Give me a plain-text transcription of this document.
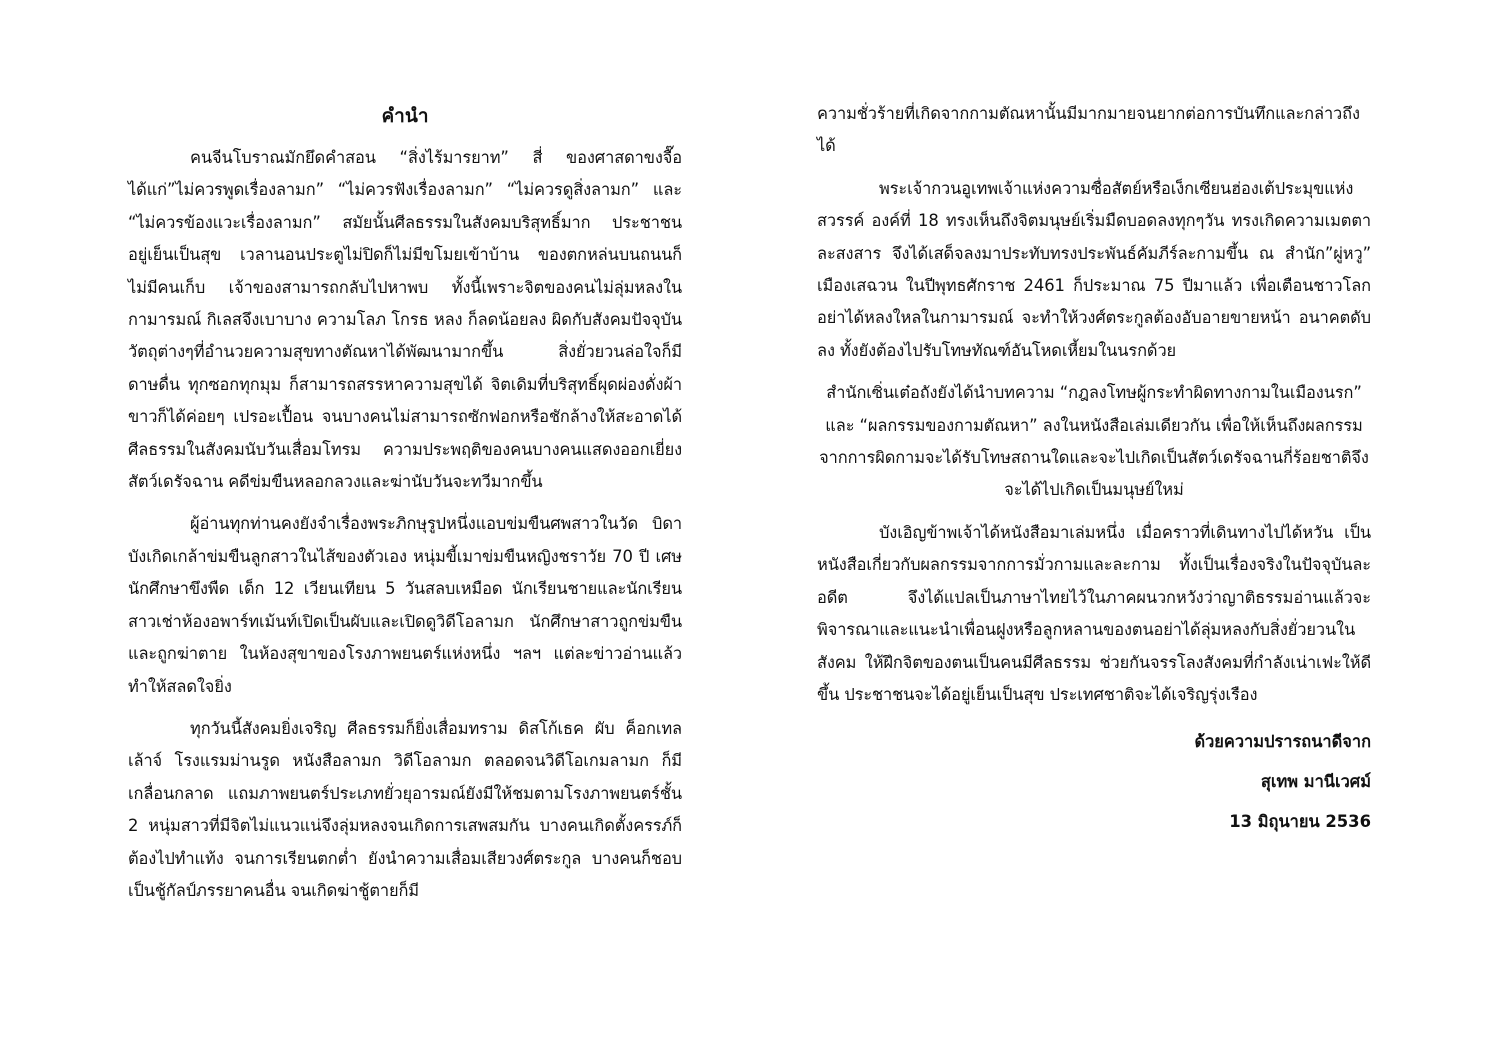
คำนำ

คนจีนโบราณมักยึดคำสอน “สิ่งไร้มารยาท” สี่ ของศาสดาขงจื๊อ ได้แก่”ไม่ควรพูดเรื่องลามก” “ไม่ควรฟังเรื่องลามก” “ไม่ควรดูสิ่งลามก” และ “ไม่ควรข้องแวะเรื่องลามก” สมัยนั้นศีลธรรมในสังคมบริสุทธิ์มาก ประชาชนอยู่เย็นเป็นสุข เวลานอนประตูไม่ปิดก็ไม่มีขโมยเข้าบ้าน ของตกหล่นบนถนนก็ไม่มีคนเก็บ เจ้าของสามารถกลับไปหาพบ ทั้งนี้เพราะจิตของคนไม่ลุ่มหลงในกามารมณ์ กิเลสจึงเบาบาง ความโลภ โกรธ หลง ก็ลดน้อยลง ผิดกับสังคมปัจจุบัน วัตถุต่างๆที่อำนวยความสุขทางตัณหาได้พัฒนามากขึ้น สิ่งยั่วยวนล่อใจก็มีดาษดื่น ทุกซอกทุกมุม ก็สามารถสรรหาความสุขได้ จิตเดิมที่บริสุทธิ์ผุดผ่องดั่งผ้าขาวก็ได้ค่อยๆ เปรอะเปื้อน จนบางคนไม่สามารถซักฟอกหรือชักล้างให้สะอาดได้ ศีลธรรมในสังคมนับวันเสื่อมโทรม ความประพฤติของคนบางคนแสดงออกเยี่ยงสัตว์เดรัจฉาน คดีข่มขืนหลอกลวงและฆ่านับวันจะทวีมากขึ้น

ผู้อ่านทุกท่านคงยังจำเรื่องพระภิกษุรูปหนึ่งแอบข่มขืนศพสาวในวัด บิดาบังเกิดเกล้าข่มขืนลูกสาวในไส้ของตัวเอง หนุ่มขี้เมาข่มขืนหญิงชราวัย 70 ปี เศษ นักศึกษาขึงพืด เด็ก 12 เวียนเทียน 5 วันสลบเหมือด นักเรียนชายและนักเรียนสาวเช่าห้องอพาร์ทเม้นท์เปิดเป็นผับและเปิดดูวิดีโอลามก นักศึกษาสาวถูกข่มขืนและถูกฆ่าตาย ในห้องสุขาของโรงภาพยนตร์แห่งหนึ่ง ฯลฯ แต่ละข่าวอ่านแล้วทำให้สลดใจยิ่ง

ทุกวันนี้สังคมยิ่งเจริญ ศีลธรรมก็ยิ่งเสื่อมทราม ดิสโก้เธค ผับ ค็อกเทลเล้าจ์ โรงแรมม่านรูด หนังสือลามก วิดีโอลามก ตลอดจนวิดีโอเกมลามก ก็มีเกลื่อนกลาด แถมภาพยนตร์ประเภทยั่วยุอารมณ์ยังมีให้ชมตามโรงภาพยนตร์ชั้น 2 หนุ่มสาวที่มีจิตไม่แนวแน่จึงลุ่มหลงจนเกิดการเสพสมกัน บางคนเกิดตั้งครรภ์ก็ต้องไปทำแท้ง จนการเรียนตกต่ำ ยังนำความเสื่อมเสียวงศ์ตระกูล บางคนก็ชอบเป็นชู้กัลป์ภรรยาคนอื่น จนเกิดฆ่าชู้ตายก็มี

ความชั่วร้ายที่เกิดจากกามตัณหานั้นมีมากมายจนยากต่อการบันทึกและกล่าวถึงได้

พระเจ้ากวนอูเทพเจ้าแห่งความซื่อสัตย์หรือเง็กเซียนฮ่องเต้ประมุขแห่งสวรรค์ องค์ที่ 18 ทรงเห็นถึงจิตมนุษย์เริ่มมืดบอดลงทุกๆวัน ทรงเกิดความเมตตาละสงสาร จึงได้เสด็จลงมาประทับทรงประพันธ์คัมภีร์ละกามขึ้น ณ สำนัก”ผู่หวู” เมืองเสฉวน ในปีพุทธศักราช 2461 ก็ประมาณ 75 ปีมาแล้ว เพื่อเตือนชาวโลก อย่าได้หลงใหลในกามารมณ์ จะทำให้วงศ์ตระกูลต้องอับอายขายหน้า อนาคตดับลง ทั้งยังต้องไปรับโทษทัณฑ์อันโหดเหี้ยมในนรกด้วย

สำนักเซิ่นเต๋อถังยังได้นำบทความ “กฎลงโทษผู้กระทำผิดทางกามในเมืองนรก” และ “ผลกรรมของกามตัณหา” ลงในหนังสือเล่มเดียวกัน เพื่อให้เห็นถึงผลกรรมจากการผิดกามจะได้รับโทษสถานใดและจะไปเกิดเป็นสัตว์เดรัจฉานกี่ร้อยชาติจึงจะได้ไปเกิดเป็นมนุษย์ใหม่

บังเอิญข้าพเจ้าได้หนังสือมาเล่มหนึ่ง เมื่อคราวที่เดินทางไปได้หวัน เป็นหนังสือเกี่ยวกับผลกรรมจากการมั่วกามและละกาม ทั้งเป็นเรื่องจริงในปัจจุบันละอดีต จึงได้แปลเป็นภาษาไทยไว้ในภาคผนวกหวังว่าญาติธรรมอ่านแล้วจะพิจารณาและแนะนำเพื่อนฝูงหรือลูกหลานของตนอย่าได้ลุ่มหลงกับสิ่งยั่วยวนในสังคม ให้ฝึกจิตของตนเป็นคนมีศีลธรรม ช่วยกันจรรโลงสังคมที่กำลังเน่าเฟะให้ดีขึ้น ประชาชนจะได้อยู่เย็นเป็นสุข ประเทศชาติจะได้เจริญรุ่งเรือง

ด้วยความปรารถนาดีจาก
สุเทพ มานีเวศม์
13 มิถุนายน 2536
